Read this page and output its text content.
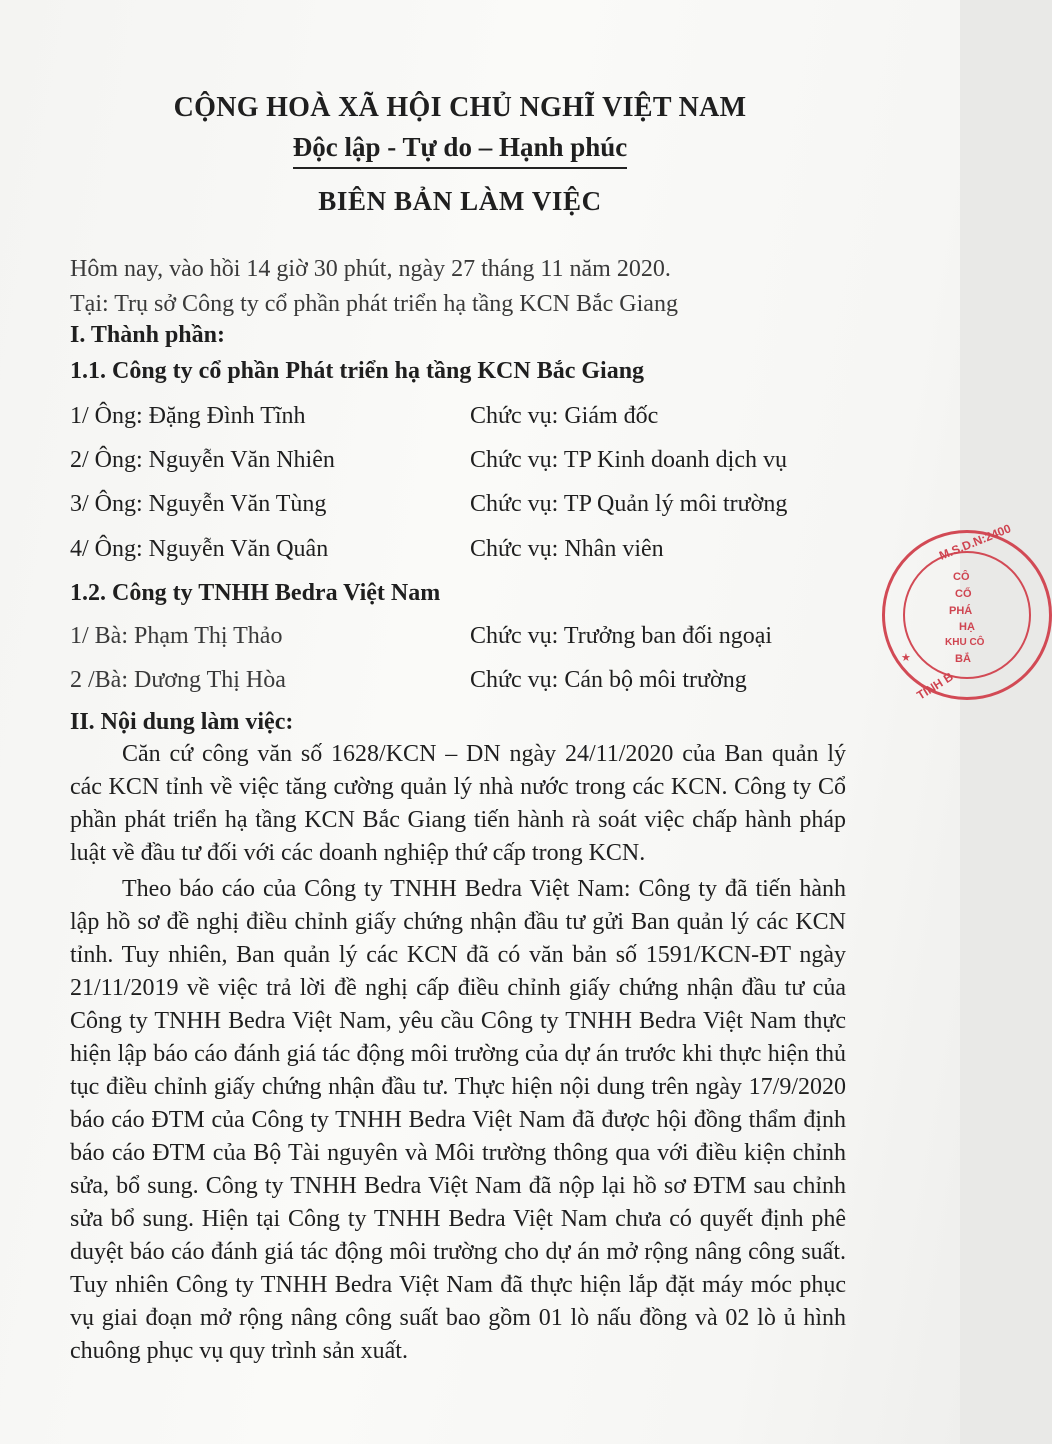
CỘNG HOÀ XÃ HỘI CHỦ NGHĨ VIỆT NAM

Độc lập - Tự do – Hạnh phúc

BIÊN BẢN LÀM VIỆC

Hôm nay, vào hồi 14 giờ 30 phút, ngày 27 tháng 11 năm 2020.

Tại: Trụ sở Công ty cổ phần phát triển hạ tầng KCN Bắc Giang

I. Thành phần:

1.1. Công ty cổ phần Phát triển hạ tầng KCN Bắc Giang

1/ Ông: Đặng Đình Tĩnh	Chức vụ: Giám đốc

2/ Ông: Nguyễn Văn Nhiên	Chức vụ: TP Kinh doanh dịch vụ

3/ Ông: Nguyễn Văn Tùng	Chức vụ: TP Quản lý môi trường

4/ Ông: Nguyễn Văn Quân	Chức vụ: Nhân viên

1.2. Công ty TNHH Bedra Việt Nam

1/ Bà: Phạm Thị Thảo	Chức vụ: Trưởng ban đối ngoại

2 /Bà: Dương Thị Hòa	Chức vụ: Cán bộ môi trường

II. Nội dung làm việc:

Căn cứ công văn số 1628/KCN – DN ngày 24/11/2020 của Ban quản lý các KCN tỉnh về việc tăng cường quản lý nhà nước trong các KCN. Công ty Cổ phần phát triển hạ tầng KCN Bắc Giang tiến hành rà soát việc chấp hành pháp luật về đầu tư đối với các doanh nghiệp thứ cấp trong KCN.

Theo báo cáo của Công ty TNHH Bedra Việt Nam: Công ty đã tiến hành lập hồ sơ đề nghị điều chỉnh giấy chứng nhận đầu tư gửi Ban quản lý các KCN tỉnh. Tuy nhiên, Ban quản lý các KCN đã có văn bản số 1591/KCN-ĐT ngày 21/11/2019 về việc trả lời đề nghị cấp điều chỉnh giấy chứng nhận đầu tư của Công ty TNHH Bedra Việt Nam, yêu cầu Công ty TNHH Bedra Việt Nam thực hiện lập báo cáo đánh giá tác động môi trường của dự án trước khi thực hiện thủ tục điều chỉnh giấy chứng nhận đầu tư. Thực hiện nội dung trên ngày 17/9/2020 báo cáo ĐTM của Công ty TNHH Bedra Việt Nam đã được hội đồng thẩm định báo cáo ĐTM của Bộ Tài nguyên và Môi trường thông qua với điều kiện chỉnh sửa, bổ sung. Công ty TNHH Bedra Việt Nam đã nộp lại hồ sơ ĐTM sau chỉnh sửa bổ sung. Hiện tại Công ty TNHH Bedra Việt Nam chưa có quyết định phê duyệt báo cáo đánh giá tác động môi trường cho dự án mở rộng nâng công suất. Tuy nhiên Công ty TNHH Bedra Việt Nam đã thực hiện lắp đặt máy móc phục vụ giai đoạn mở rộng nâng công suất bao gồm 01 lò nấu đồng và 02 lò ủ hình chuông phục vụ quy trình sản xuất.

M.S.D.N:2400
TỈNH B
★
CÔ
CỔ
PHÁ
HẠ
KHU CÔ
BẮ
